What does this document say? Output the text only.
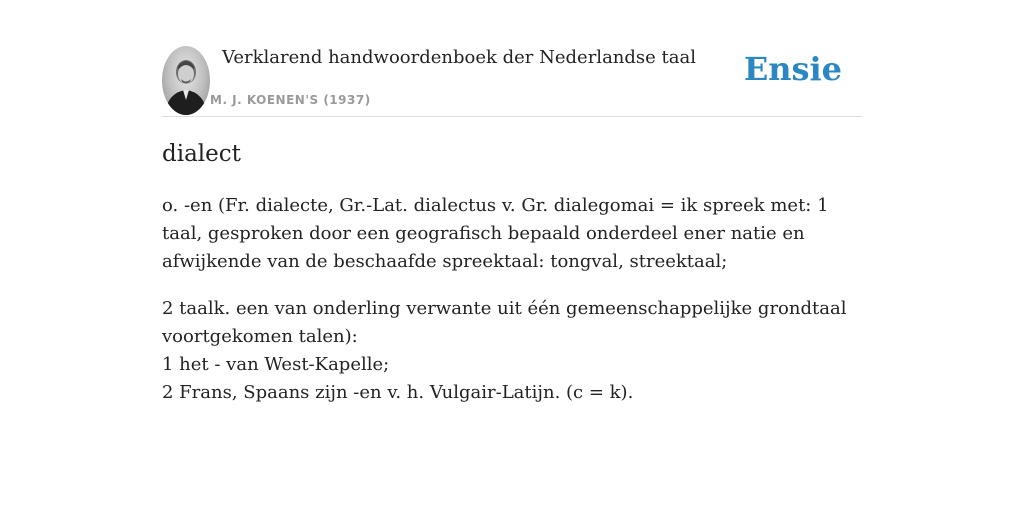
Verklarend handwoordenboek der Nederlandse taal
M. J. KOENEN'S (1937)
Ensie
dialect

o. -en (Fr. dialecte, Gr.-Lat. dialectus v. Gr. dialegomai = ik spreek met: 1 taal, gesproken door een geografisch bepaald onderdeel ener natie en afwijkende van de beschaafde spreektaal: tongval, streektaal;

2 taalk. een van onderling verwante uit één gemeenschappelijke grondtaal voortgekomen talen):
1 het - van West-Kapelle;
2 Frans, Spaans zijn -en v. h. Vulgair-Latijn. (c = k).
